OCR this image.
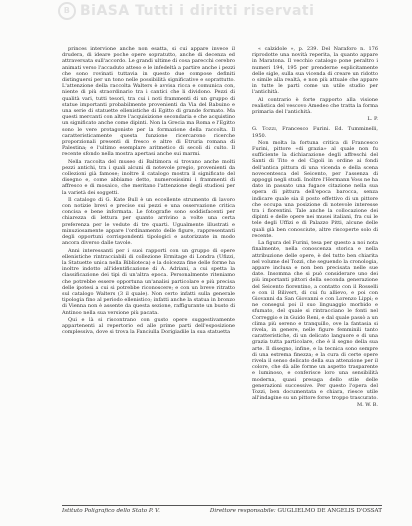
B BiASA Tutti i diritti riservati

princes intervione anche non esatta, si cui appare invece il drudera, di ideare poche opere sopratutto, anche di decenza ed attraversata sull'accordo. Le grandi ultime di cosa parecchi cerebro animati verso l'accaduto atteso e le infedeltà a partire anche i pezzi che sono rovinati tuttavia in questo due compose definiti distinguersi per un tono nelle possibilità significative e soprattutto. L'attenzione della raccolta Walters è avvisa ricca e comunica con, niente di più straordinario tra i cantici che li dividono. Pezzi di qualità vari, tutti tesori, tra cui i noti frammenti di un gruppo di statue importanti probabilmente provenienti da Via del Babuino e una serie di statuette ellenistiche di Egitto di grande formato. Ma questi mercanti con altre l'acquisizione secondaria e che acquistino un significato anche come dipinti. Non la Grecia ma Roma e l'Egitto sono le vere protagoniste per la formazione della raccolta. Il caratteristicamente questa funzione ricercarono ricerche proporzionali presenti di fresco e altre di Etruria romana di Palestina; e l'ultimo esemplare aritmetico di secoli di culto. Il recente sfondo nella mostra apertasi anche sui marmi.

Nella raccolta del museo di Baltimora si trovano anche molti pezzi antichi, tra i quali alcuni di notevole pregio, provenienti da collezioni già famose; inoltre il catalogo mostra il significato del disegno e, come abbiamo detto, numerosissimi i frammenti di affresco e di mosaico, che meritano l'attenzione degli studiosi per la varietà dei soggetti.

Il catalogo di G. Kate Bull è un eccellente strumento di lavoro con notizie brevi e precise sui pezzi e una osservazione critica concisa e bene informata. Le fotografie sono soddisfacenti per chiarezza di lettura per quanto arrivino a volte una certa preferenza per le vedute di tre quarti. Ugualmente illustrati e minuziosamente appare l'ordinamento delle figure, rappresentanti degli opportuni corrispondenti tipologici e autorizzate in modo ancora diverso dalle tavole.

Anni interessanti per i suoi rapporti con un gruppo di opere ellenistiche rintracciabili di collezione Ermitage di Londra (Ufizzi, la Statuette unica nella Biblioteca) e la dolcezza fine delle forme ha inoltre indotto all'identificazione di A. Adriani, a cui spetta la classificazione dei tipi di un'altra epoca. Personalmente riteniamo che potrebbe essere opportuna un'analisi particolare e più precisa delle ipotesi a cui si potrebbe riconoscere; e con un breve ritratto sul catalogo Walters (3 il quale). Non certo infatti sulla generale tipologia fino al periodo ellenistico; infatti anche la statua in bronzo di Vienna non è assente da questa sezione, raffigurante un busto di Antinoo nella sua versione più pacata.

Qui e là si riscontrano con gusto opere suggestivamente appartenenti al repertorio ed alle prime parti dell'esposizione complessiva, dove si trova la Fanciulla Dorigiadile la sua statuetta

« calzidole », p. 239. Del Naraforo n. 176 riprodotte una novità reperita, la quanto appare in Maratona. Il vecchio catalogo pone peraltro i numeri 194, 195 per prenderne esplicitamente delle sigle, sulla sua vicenda di creare un ridotto o simile alla realtà, e non più attuale che appare in tutte le parti come un utile studio per l'antichità.

Al contrario è forte rapporto alla visione realistica del vescovo Amedeo che tratta la forma primaria del l'antichità.

L. P.

G. Tozzi, Francesco Furini. Ed. Tumminelli, 1950.

Non molta la fortuna critica di Francesco Furini, pittore «di grazia» al quale non fu sufficiente la dichiarazione degli affreschi del Santi di Tito e del Cigoli in ordine ai fondi dell'antica pittura di una vicenda e della scena novecentesca del Seicento, per l'assenza di appoggi negli studi. Inoltre l'Hermann Voss ne ha dato in passato una fugace citazione nella sua opera di pittura dell'epoca barocca, senza indicare quale sia il posto effettivo di un pittore che occupa una posizione di notevole interesse tra i fiorentini. Tale anche la collocazione dei dipinti e delle opere nei musei italiani, fra cui le tele degli Uffizi e di Palazzo Pitti, alcune delle quali già ben conosciute, altre riscoperte solo di recente.

La figura del Furini, tesa per questo a noi nota finalmente, nella conoscenza storica e nella attribuzione delle opere, è del tutto ben chiarita nel volume del Tozzi, che seguendo la cronologia, appare inclusa e non ben precisata nelle sue date. Insomma che si può considerare uno dei più importanti pittori della seconda generazione del Seicento fiorentino, a contatto con il Rosselli e con il Bilivert, di cui fu allievo, e poi con Giovanni da San Giovanni e con Lorenzo Lippi; e ne conseguì poi il suo linguaggio morbido e sfumato, del quale si rintracciano le fonti nel Correggio e in Guido Reni, e dal quale passò a un clima più sereno e tranquillo, ove la fantasia si rivela, in genere, nelle figure femminili tanto caratteristiche, di un delicato languore e di una grazia tutta particolare, che è il segno della sua arte. Il disegno, infine, e la tecnica sono sempre di una estrema finezza; e la cura di certe opere rivela il senso delicato della sua attenzione per il colore, che dà alle forme un aspetto trasparente e luminoso, e conferisce loro una sensibilità moderna, quasi presaga dello stile delle generazioni successive. Per questo l'opera del Tozzi, ben documentata e chiara, riesce utile all'indagine su un pittore forse troppo trascurato.

M. W. B.

Istituto Poligrafico dello Stato P. V.	Direttore responsabile: GUGLIELMO DE ANGELIS D'OSSAT
